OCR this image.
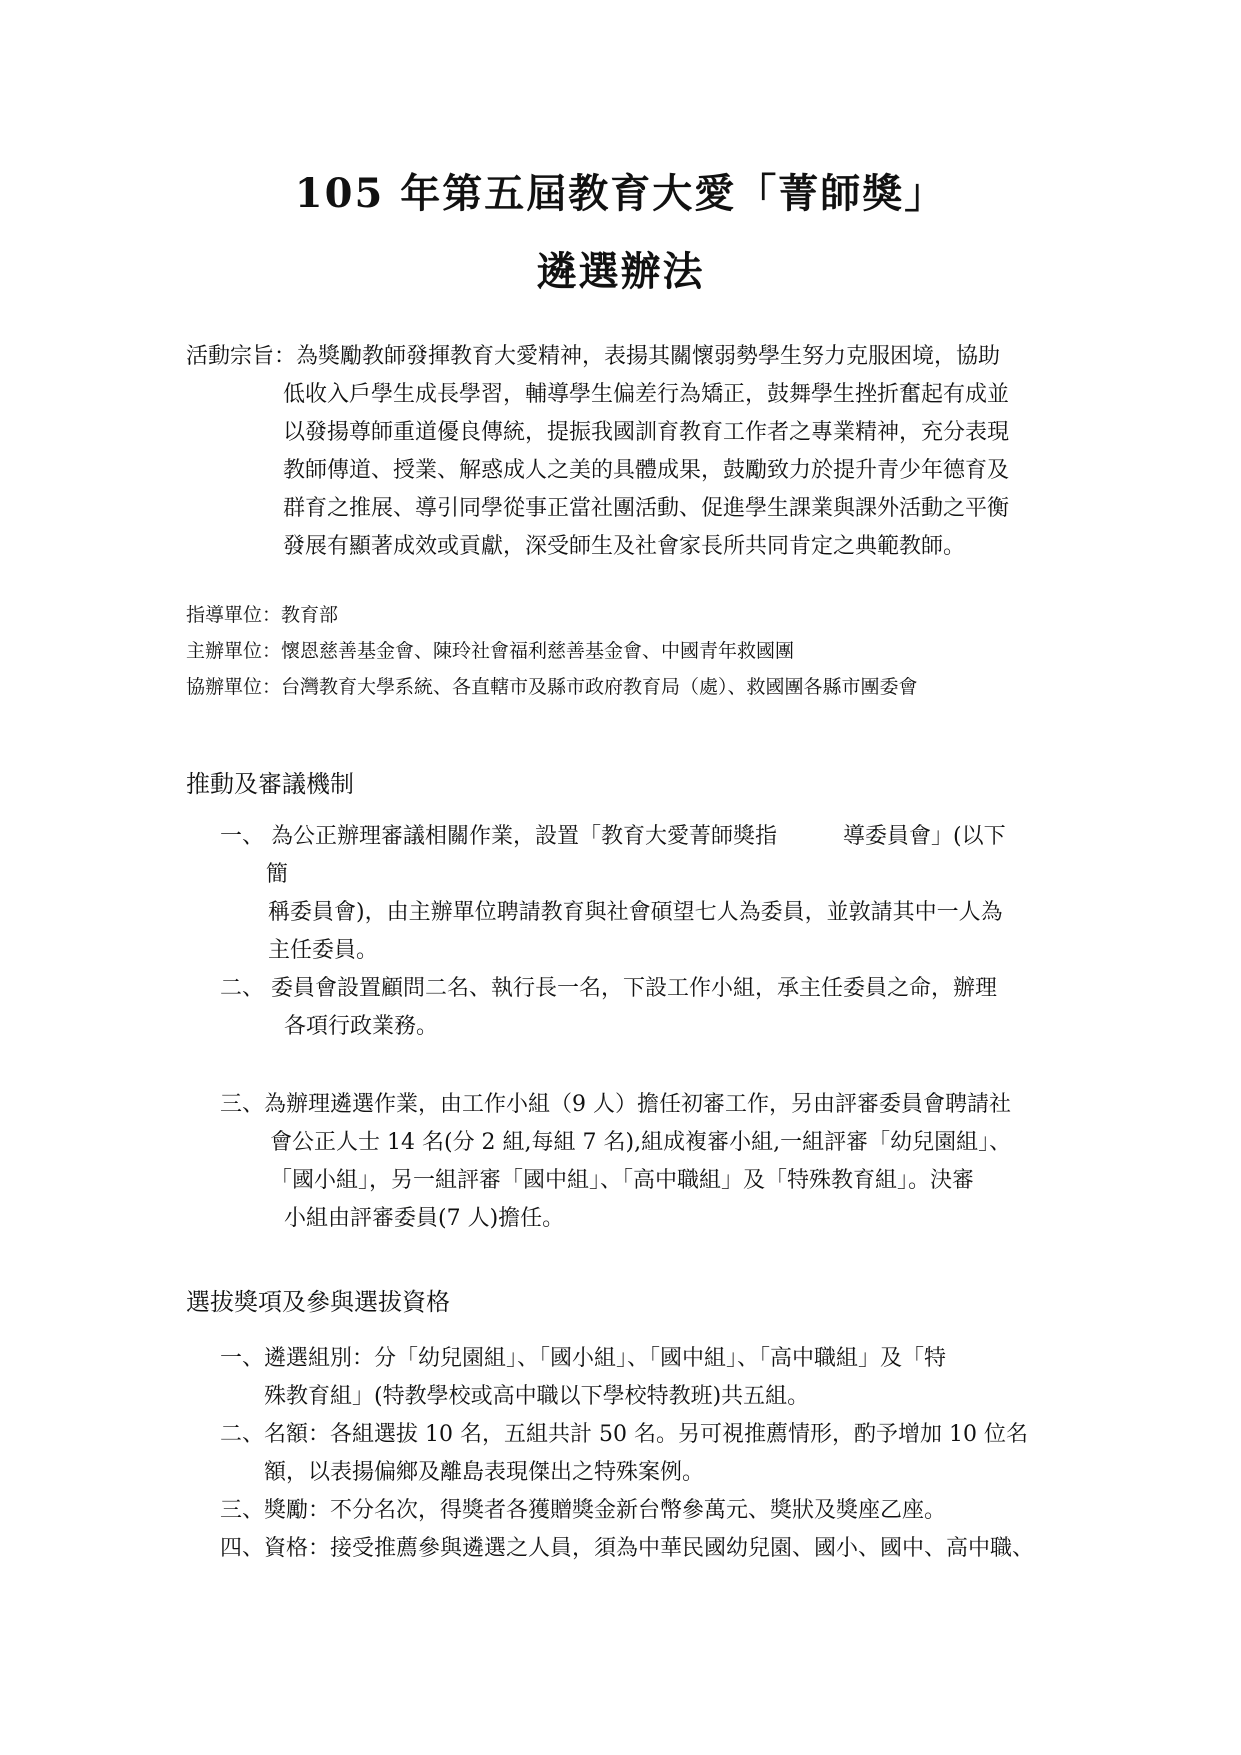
105 年第五屆教育大愛「菁師獎」
遴選辦法
活動宗旨：為獎勵教師發揮教育大愛精神，表揚其關懷弱勢學生努力克服困境，協助
低收入戶學生成長學習，輔導學生偏差行為矯正，鼓舞學生挫折奮起有成並
以發揚尊師重道優良傳統，提振我國訓育教育工作者之專業精神，充分表現
教師傳道、授業、解惑成人之美的具體成果，鼓勵致力於提升青少年德育及
群育之推展、導引同學從事正當社團活動、促進學生課業與課外活動之平衡
發展有顯著成效或貢獻，深受師生及社會家長所共同肯定之典範教師。
指導單位：教育部
主辦單位：懷恩慈善基金會、陳玲社會福利慈善基金會、中國青年救國團
協辦單位：台灣教育大學系統、各直轄市及縣市政府教育局（處）、救國團各縣市團委會
推動及審議機制
一、 為公正辦理審議相關作業，設置「教育大愛菁師獎指　　　導委員會」(以下
簡
稱委員會)，由主辦單位聘請教育與社會碩望七人為委員，並敦請其中一人為
主任委員。
二、 委員會設置顧問二名、執行長一名，下設工作小組，承主任委員之命，辦理
各項行政業務。
三、為辦理遴選作業，由工作小組（9 人）擔任初審工作，另由評審委員會聘請社
會公正人士 14 名(分 2 組,每組 7 名),組成複審小組,一組評審「幼兒園組」、
「國小組」，另一組評審「國中組」、「高中職組」及「特殊教育組」。決審
小組由評審委員(7 人)擔任。
選拔獎項及參與選拔資格
一、遴選組別：分「幼兒園組」、「國小組」、「國中組」、「高中職組」及「特
殊教育組」(特教學校或高中職以下學校特教班)共五組。
二、名額：各組選拔 10 名，五組共計 50 名。另可視推薦情形，酌予增加 10 位名
額，以表揚偏鄉及離島表現傑出之特殊案例。
三、獎勵：不分名次，得獎者各獲贈獎金新台幣參萬元、獎狀及獎座乙座。
四、資格：接受推薦參與遴選之人員，須為中華民國幼兒園、國小、國中、高中職、
